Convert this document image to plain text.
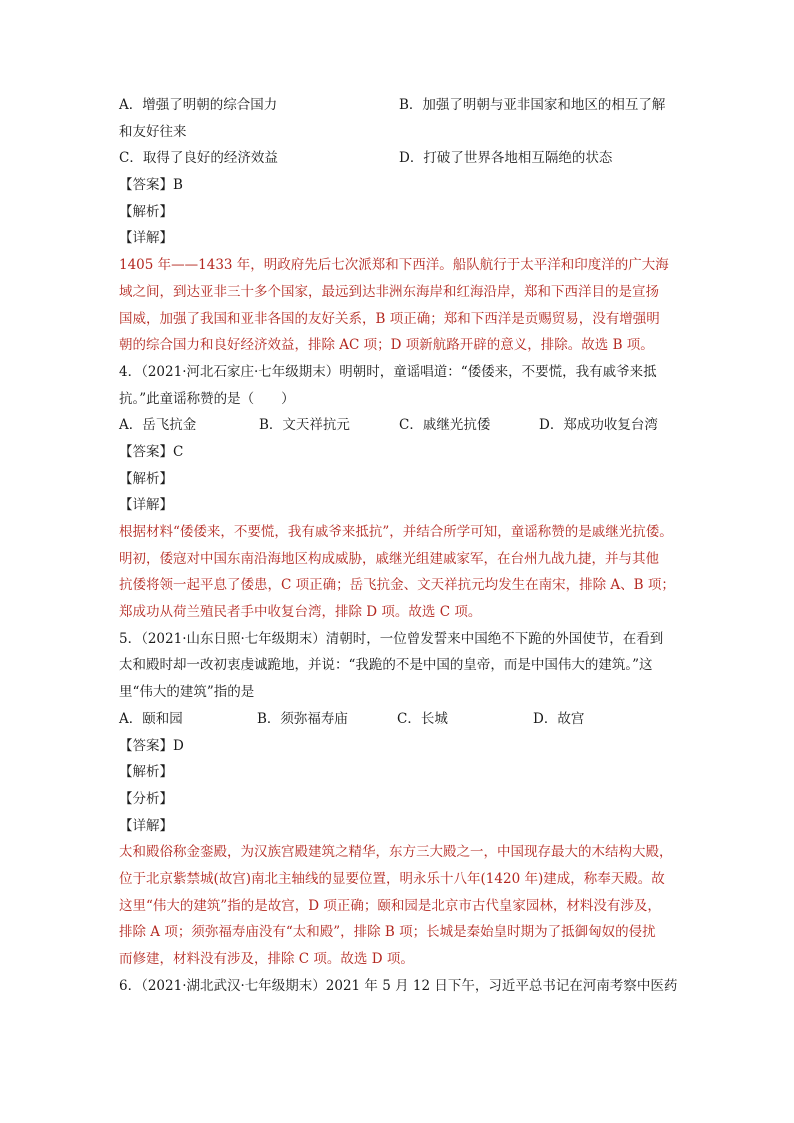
A．增强了明朝的综合国力	B．加强了明朝与亚非国家和地区的相互了解
和友好往来
C．取得了良好的经济效益	D．打破了世界各地相互隔绝的状态
【答案】B
【解析】
【详解】
1405 年——1433 年，明政府先后七次派郑和下西洋。船队航行于太平洋和印度洋的广大海
域之间，到达亚非三十多个国家，最远到达非洲东海岸和红海沿岸，郑和下西洋目的是宣扬
国威，加强了我国和亚非各国的友好关系，B 项正确；郑和下西洋是贡赐贸易，没有增强明
朝的综合国力和良好经济效益，排除 AC 项；D 项新航路开辟的意义，排除。故选 B 项。
4．（2021·河北石家庄·七年级期末）明朝时，童谣唱道：“倭倭来，不要慌，我有戚爷来抵
抗。”此童谣称赞的是（　　）
A．岳飞抗金	B．文天祥抗元	C．戚继光抗倭	D．郑成功收复台湾
【答案】C
【解析】
【详解】
根据材料“倭倭来，不要慌，我有戚爷来抵抗”，并结合所学可知，童谣称赞的是戚继光抗倭。
明初，倭寇对中国东南沿海地区构成威胁，戚继光组建戚家军，在台州九战九捷，并与其他
抗倭将领一起平息了倭患，C 项正确；岳飞抗金、文天祥抗元均发生在南宋，排除 A、B 项；
郑成功从荷兰殖民者手中收复台湾，排除 D 项。故选 C 项。
5．（2021·山东日照·七年级期末）清朝时，一位曾发誓来中国绝不下跪的外国使节，在看到
太和殿时却一改初衷虔诚跪地，并说：“我跪的不是中国的皇帝，而是中国伟大的建筑。”这
里“伟大的建筑”指的是
A．颐和园	B．须弥福寿庙	C．长城	D．故宫
【答案】D
【解析】
【分析】
【详解】
太和殿俗称金銮殿，为汉族宫殿建筑之精华，东方三大殿之一，中国现存最大的木结构大殿，
位于北京紫禁城(故宫)南北主轴线的显要位置，明永乐十八年(1420 年)建成，称奉天殿。故
这里“伟大的建筑”指的是故宫，D 项正确；颐和园是北京市古代皇家园林，材料没有涉及，
排除 A 项；须弥福寿庙没有“太和殿”，排除 B 项；长城是秦始皇时期为了抵御匈奴的侵扰
而修建，材料没有涉及，排除 C 项。故选 D 项。
6．（2021·湖北武汉·七年级期末）2021 年 5 月 12 日下午，习近平总书记在河南考察中医药
